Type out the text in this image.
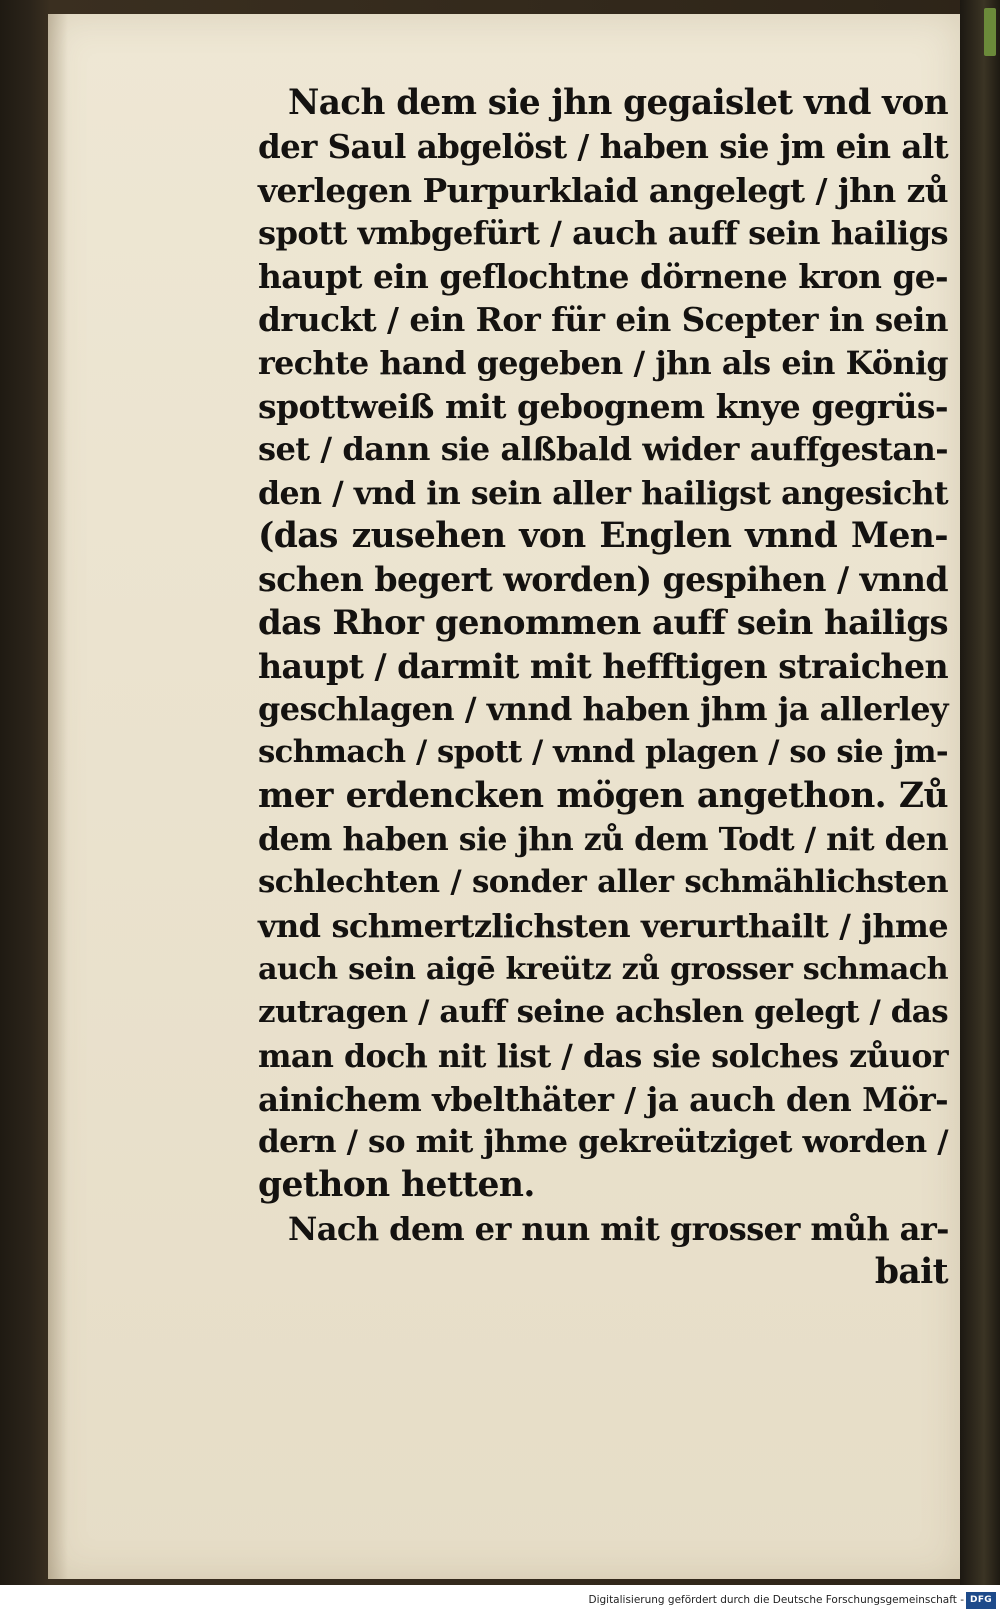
Nach dem sie jhn gegaislet vnd von
der Saul abgelöst / haben sie jm ein alt
verlegen Purpurklaid angelegt / jhn zů
spott vmbgefürt / auch auff sein hailigs
haupt ein geflochtne dörnene kron ge-
druckt / ein Ror für ein Scepter in sein
rechte hand gegeben / jhn als ein König
spottweiß mit gebognem knye gegrüs-
set / dann sie alßbald wider auffgestan-
den / vnd in sein aller hailigst angesicht
(das zusehen von Englen vnnd Men-
schen begert worden) gespihen / vnnd
das Rhor genommen auff sein hailigs
haupt / darmit mit hefftigen straichen
geschlagen / vnnd haben jhm ja allerley
schmach / spott / vnnd plagen / so sie jm-
mer erdencken mögen angethon. Zů
dem haben sie jhn zů dem Todt / nit den
schlechten / sonder aller schmählichsten
vnd schmertzlichsten verurthailt / jhme
auch sein aigē kreütz zů grosser schmach
zutragen / auff seine achslen gelegt / das
man doch nit list / das sie solches zůuor
ainichem vbelthäter / ja auch den Mör-
dern / so mit jhme gekreütziget worden /
gethon hetten.
Nach dem er nun mit grosser můh ar-
bait
Digitalisierung gefördert durch die Deutsche Forschungsgemeinschaft - DFG
